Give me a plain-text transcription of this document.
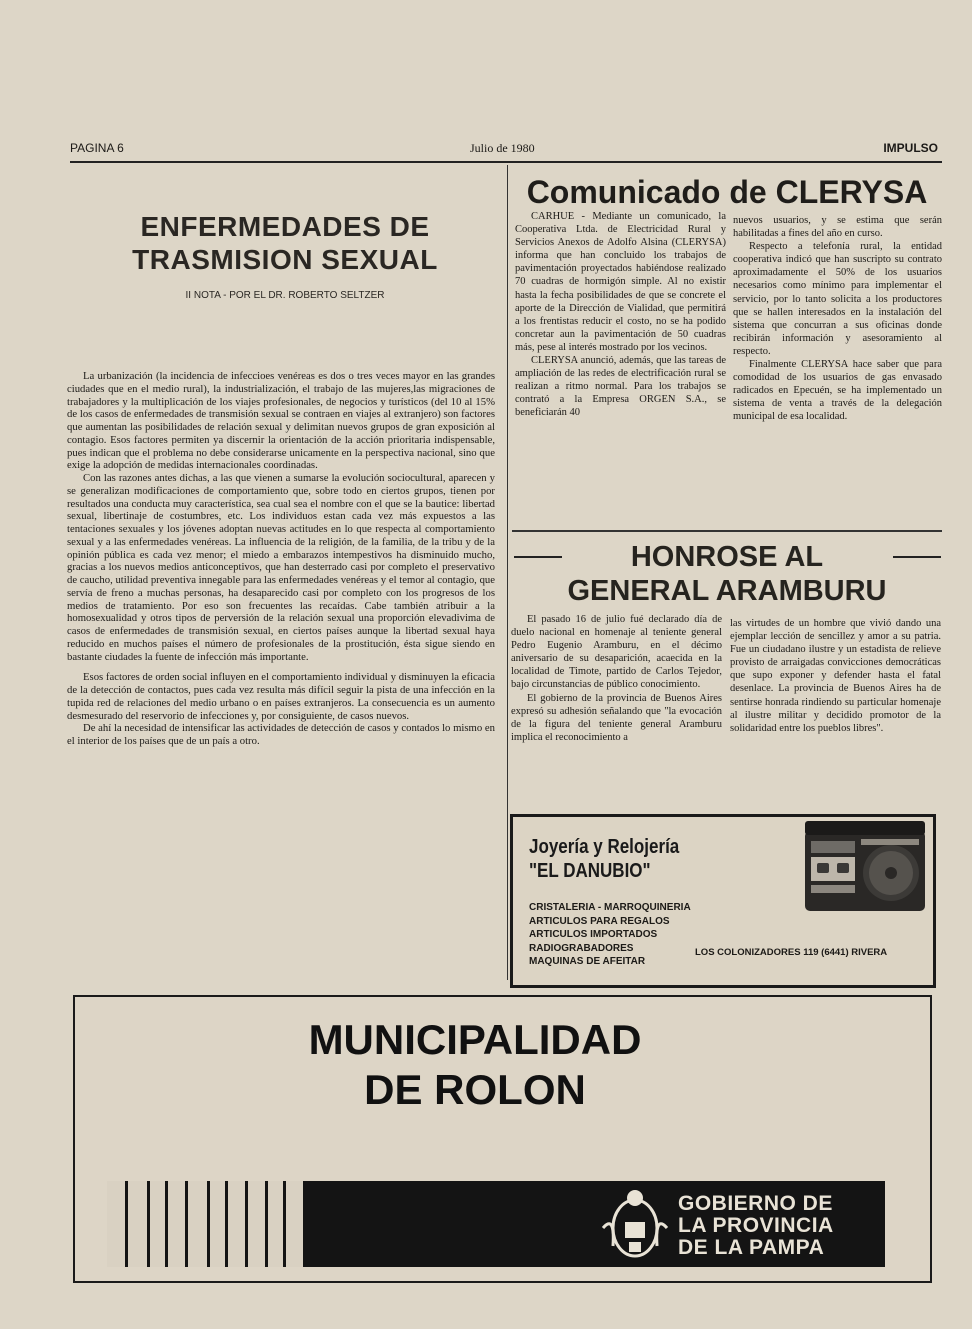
PAGINA 6	Julio de 1980	IMPULSO
ENFERMEDADES DE
TRASMISION SEXUAL
II NOTA - POR EL DR. ROBERTO SELTZER

La urbanización (la incidencia de infeccioes venéreas es dos o tres veces mayor en las grandes ciudades que en el medio rural), la industrialización, el trabajo de las mujeres,las migraciones de trabajadores y la multiplicación de los viajes profesionales, de negocios y turísticos (del 10 al 15% de los casos de enfermedades de transmisión sexual se contraen en viajes al extranjero) son factores que aumentan las posibilidades de relación sexual y delimitan nuevos grupos de gran exposición al contagio. Esos factores permiten ya discernir la orientación de la acción prioritaria indispensable, pues indican que el problema no debe considerarse unicamente en la perspectiva nacional, sino que exige la adopción de medidas internacionales coordinadas.

Con las razones antes dichas, a las que vienen a sumarse la evolución sociocultural, aparecen y se generalizan modificaciones de comportamiento que, sobre todo en ciertos grupos, tienen por resultados una conducta muy característica, sea cual sea el nombre con el que se la bautice: libertad sexual, libertinaje de costumbres, etc. Los individuos estan cada vez más expuestos a las tentaciones sexuales y los jóvenes adoptan nuevas actitudes en lo que respecta al comportamiento sexual y a las enfermedades venéreas. La influencia de la religión, de la familia, de la tribu y de la opinión pública es cada vez menor; el miedo a embarazos intempestivos ha disminuido mucho, gracias a los nuevos medios anticonceptivos, que han desterrado casi por completo el preservativo de caucho, utilidad preventiva innegable para las enfermedades venéreas y el temor al contagio, que servía de freno a muchas personas, ha desaparecido casi por completo con los progresos de los medios de tratamiento. Por eso son frecuentes las recaídas. Cabe también atribuir a la homosexualidad y otros tipos de perversión de la relación sexual una proporción elevadivima de casos de enfermedades de transmisión sexual, en ciertos países aunque la libertad sexual haya reducido en muchos países el número de profesionales de la prostitución, ésta sigue siendo en bastante ciudades la fuente de infección más importante.

Esos factores de orden social influyen en el comportamiento individual y disminuyen la eficacia de la detección de contactos, pues cada vez resulta más difícil seguir la pista de una infección en la tupida red de relaciones del medio urbano o en países extranjeros. La consecuencia es un aumento desmesurado del reservorio de infecciones y, por consiguiente, de casos nuevos.

De ahí la necesidad de intensificar las actividades de detección de casos y contados lo mismo en el interior de los países que de un país a otro.

Comunicado de CLERYSA

CARHUE - Mediante un comunicado, la Cooperativa Ltda. de Electricidad Rural y Servicios Anexos de Adolfo Alsina (CLERYSA) informa que han concluido los trabajos de pavimentación proyectados habiéndose realizado 70 cuadras de hormigón simple. Al no existir hasta la fecha posibilidades de que se concrete el aporte de la Dirección de Vialidad, que permitirá a los frentistas reducir el costo, no se ha podido concretar aun la pavimentación de 50 cuadras más, pese al interés mostrado por los vecinos.

CLERYSA anunció, además, que las tareas de ampliación de las redes de electrificación rural se realizan a ritmo normal. Para los trabajos se contrató a la Empresa ORGEN S.A., se beneficiarán 40

nuevos usuarios, y se estima que serán habilitadas a fines del año en curso.

Respecto a telefonía rural, la entidad cooperativa indicó que han suscripto su contrato aproximadamente el 50% de los usuarios necesarios como mínimo para implementar el servicio, por lo tanto solicita a los productores que se hallen interesados en la instalación del sistema que concurran a sus oficinas donde recibirán información y asesoramiento al respecto.

Finalmente CLERYSA hace saber que para comodidad de los usuarios de gas envasado radicados en Epecuén, se ha implementado un sistema de venta a través de la delegación municipal de esa localidad.

HONROSE AL
GENERAL ARAMBURU

El pasado 16 de julio fué declarado día de duelo nacional en homenaje al teniente general Pedro Eugenio Aramburu, en el décimo aniversario de su desaparición, acaecida en la localidad de Timote, partido de Carlos Tejedor, bajo circunstancias de público conocimiento.

El gobierno de la provincia de Buenos Aires expresó su adhesión señalando que "la evocación de la figura del teniente general Aramburu implica el reconocimiento a

las virtudes de un hombre que vivió dando una ejemplar lección de sencillez y amor a su patria. Fue un ciudadano ilustre y un estadista de relieve provisto de arraigadas convicciones democráticas que supo exponer y defender hasta el fatal desenlace. La provincia de Buenos Aires ha de sentirse honrada rindiendo su particular homenaje al ilustre militar y decidido promotor de la solidaridad entre los pueblos libres".

Joyería y Relojería
"EL DANUBIO"
CRISTALERIA - MARROQUINERIA
ARTICULOS PARA REGALOS
ARTICULOS IMPORTADOS
RADIOGRABADORES
MAQUINAS DE AFEITAR
LOS COLONIZADORES 119 (6441) RIVERA
MUNICIPALIDAD
DE ROLON
GOBIERNO DE
LA PROVINCIA
DE LA PAMPA
